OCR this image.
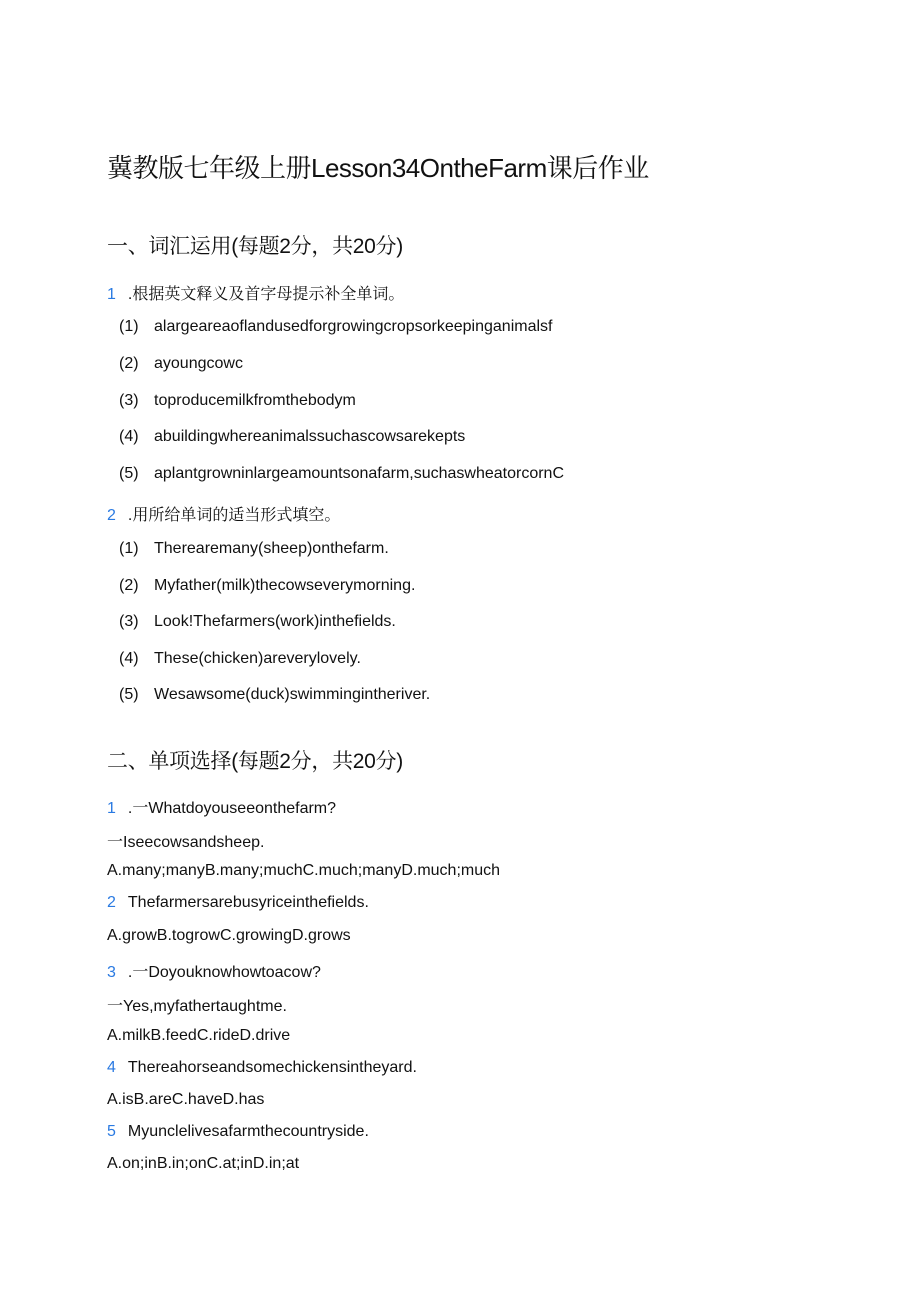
冀教版七年级上册Lesson34OntheFarm课后作业
一、词汇运用(每题2分，共20分)
1 .根据英文释义及首字母提示补全单词。
(1) alargeareaoflandusedforgrowingcropsorkeepinganimalsf
(2) ayoungcowc
(3) toproducemilkfromthebodym
(4) abuildingwhereanimalssuchascowsarekepts
(5) aplantgrowninlargeamountsonafarm,suchaswheatorcornC
2 .用所给单词的适当形式填空。
(1) Therearemany(sheep)onthefarm.
(2) Myfather(milk)thecowseverymorning.
(3) Look!Thefarmers(work)inthefields.
(4) These(chicken)areverylovely.
(5) Wesawsome(duck)swimmingintheriver.
二、单项选择(每题2分，共20分)
1 .一Whatdoyouseeonthefarm?
一Iseecowsandsheep.
A.many;manyB.many;muchC.much;manyD.much;much
2 Thefarmersarebusyriceinthefields.
A.growB.togrowC.growingD.grows
3 .一Doyouknowhowtoacow?
一Yes,myfathertaughtme.
A.milkB.feedC.rideD.drive
4 Thereahorseandsomechickensintheyard.
A.isB.areC.haveD.has
5 Myunclelivesafarmthecountryside.
A.on;inB.in;onC.at;inD.in;at
